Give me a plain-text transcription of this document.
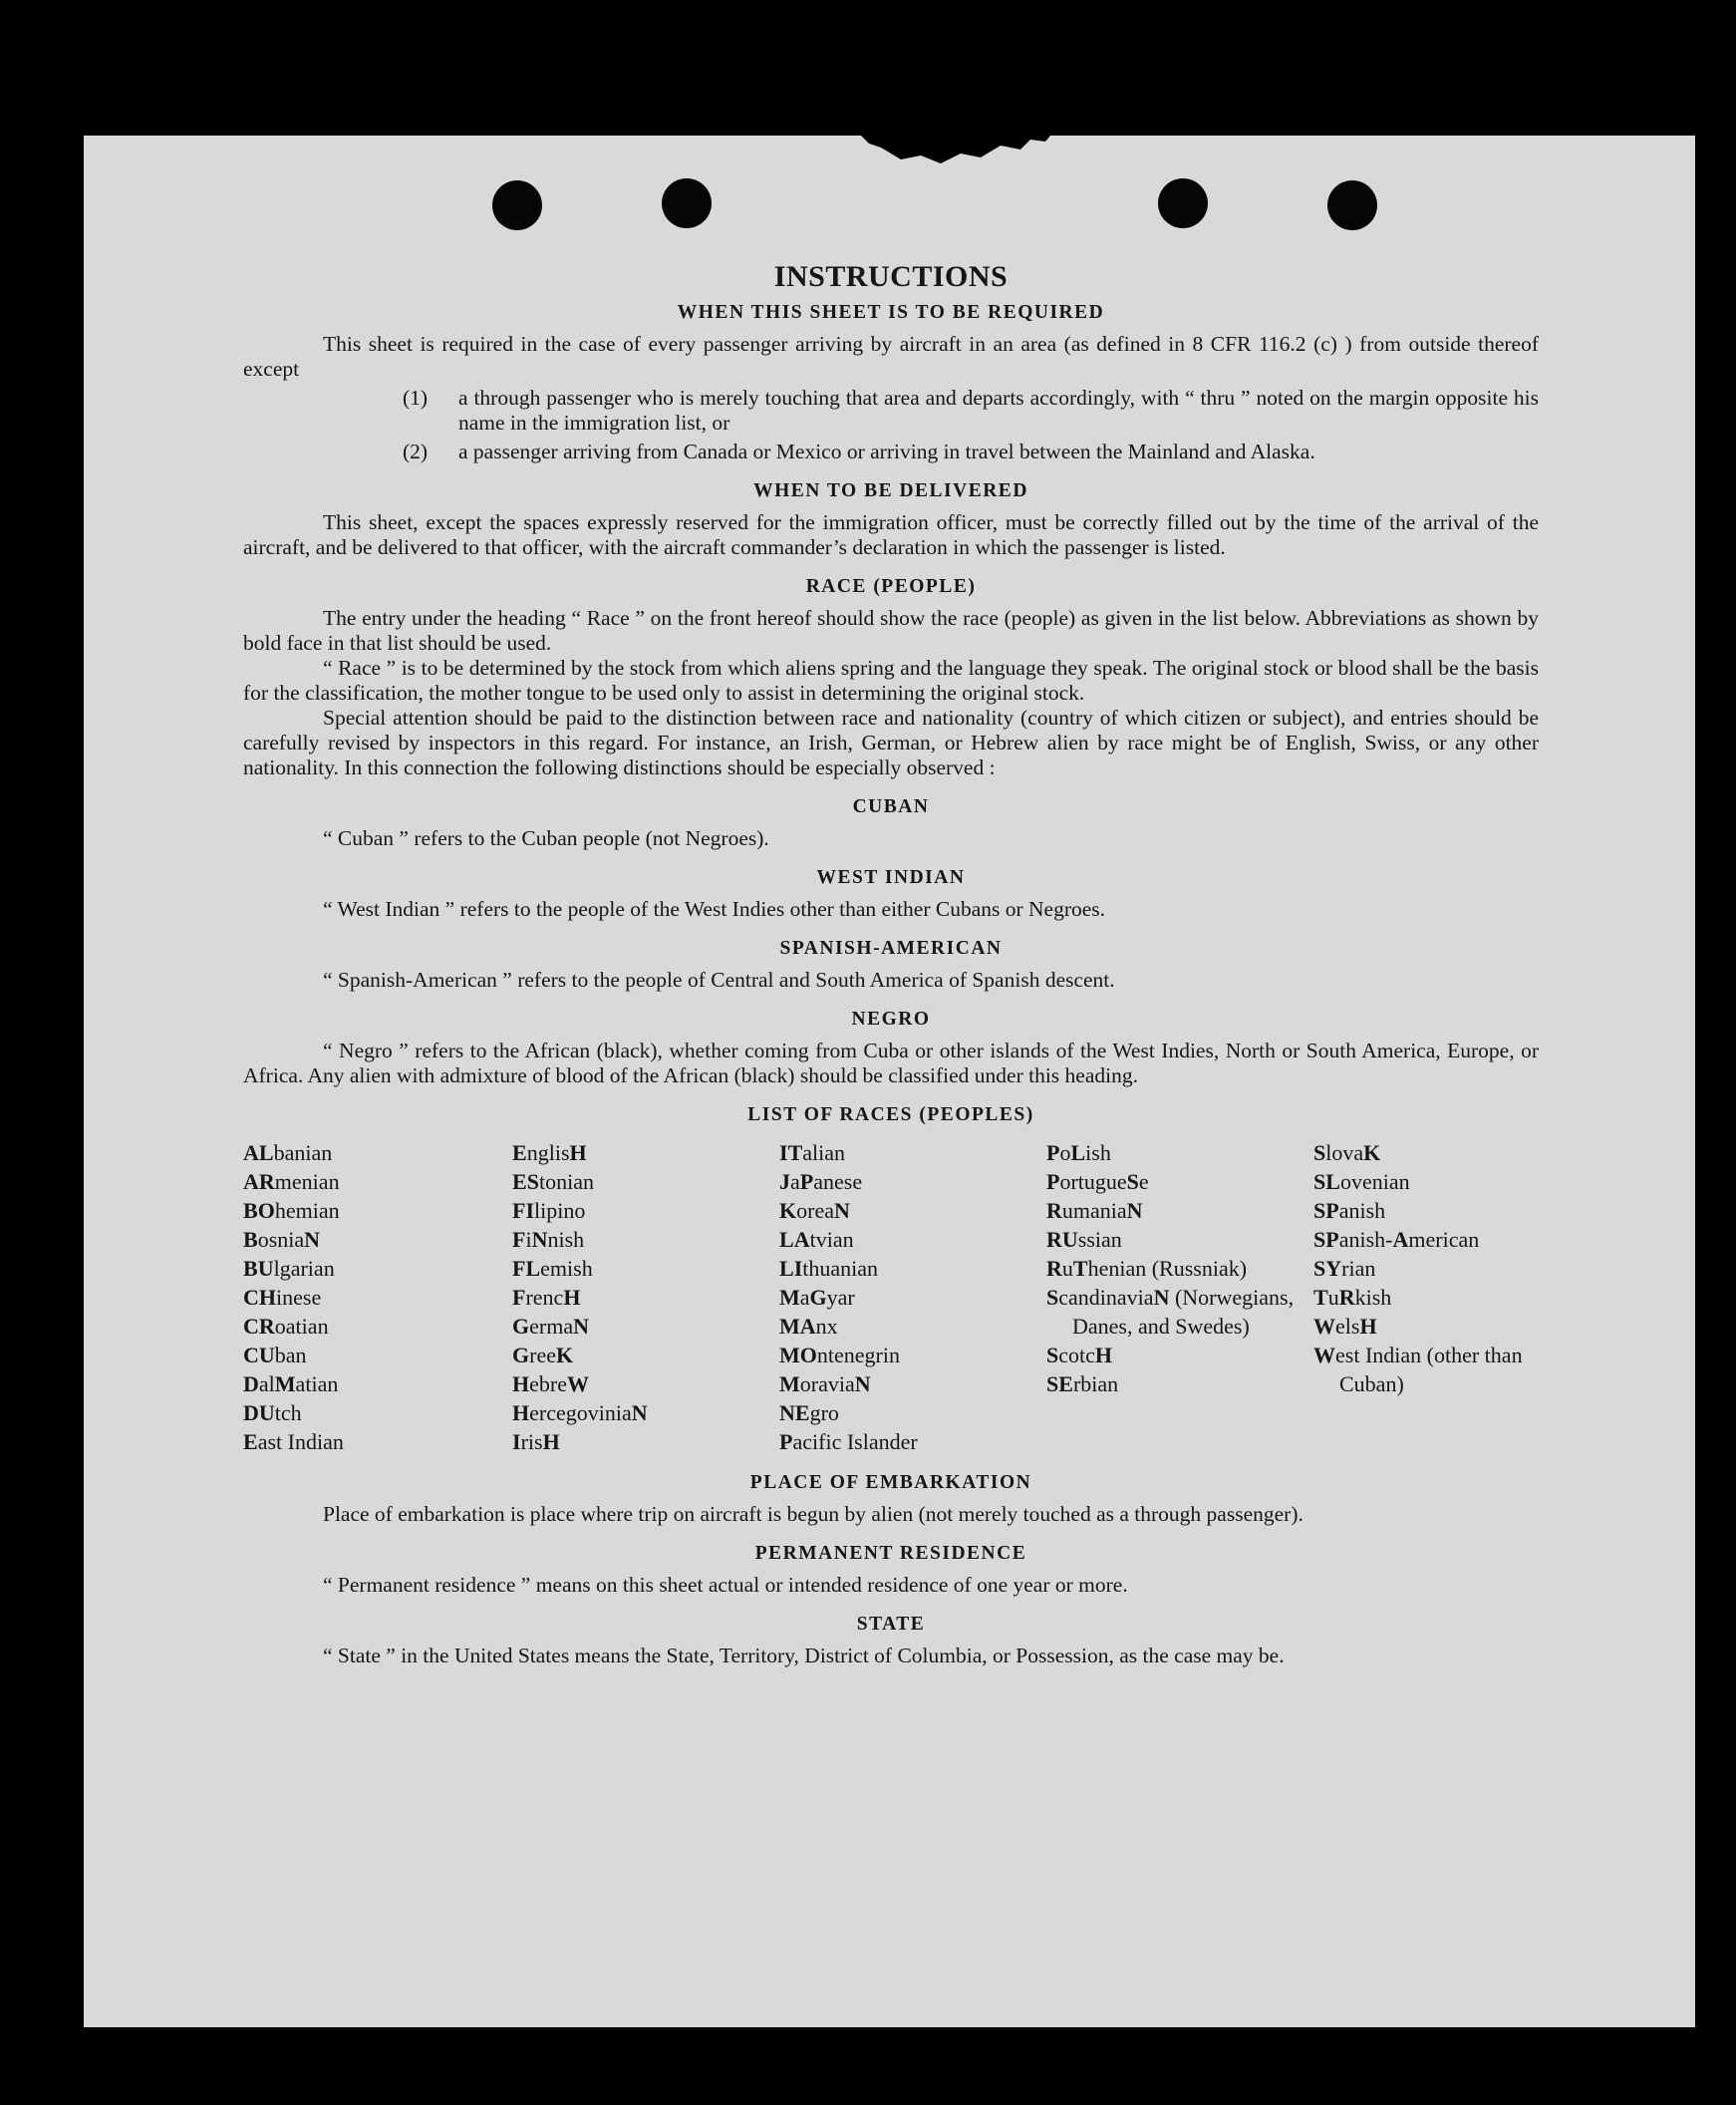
INSTRUCTIONS
WHEN THIS SHEET IS TO BE REQUIRED

This sheet is required in the case of every passenger arriving by aircraft in an area (as defined in 8 CFR 116.2 (c) ) from outside thereof except

(1) a through passenger who is merely touching that area and departs accordingly, with “ thru ” noted on the margin opposite his name in the immigration list, or
(2) a passenger arriving from Canada or Mexico or arriving in travel between the Mainland and Alaska.
WHEN TO BE DELIVERED

This sheet, except the spaces expressly reserved for the immigration officer, must be correctly filled out by the time of the arrival of the aircraft, and be delivered to that officer, with the aircraft commander’s declaration in which the passenger is listed.

RACE (PEOPLE)

The entry under the heading “ Race ” on the front hereof should show the race (people) as given in the list below. Abbreviations as shown by bold face in that list should be used.

“ Race ” is to be determined by the stock from which aliens spring and the language they speak. The original stock or blood shall be the basis for the classification, the mother tongue to be used only to assist in determining the original stock.

Special attention should be paid to the distinction between race and nationality (country of which citizen or subject), and entries should be carefully revised by inspectors in this regard. For instance, an Irish, German, or Hebrew alien by race might be of English, Swiss, or any other nationality. In this connection the following distinctions should be especially observed :

CUBAN

“ Cuban ” refers to the Cuban people (not Negroes).

WEST INDIAN

“ West Indian ” refers to the people of the West Indies other than either Cubans or Negroes.

SPANISH-AMERICAN

“ Spanish-American ” refers to the people of Central and South America of Spanish descent.

NEGRO

“ Negro ” refers to the African (black), whether coming from Cuba or other islands of the West Indies, North or South America, Europe, or Africa. Any alien with admixture of blood of the African (black) should be classified under this heading.

LIST OF RACES (PEOPLES)
ALbanian
ARmenian
BOhemian
BosniaN
BUlgarian
CHinese
CRoatian
CUban
DalMatian
DUtch
East Indian
EnglisH
EStonian
FIlipino
FiNnish
FLemish
FrencH
GermaN
GreeK
HebreW
HercegoviniaN
IrisH
ITalian
JaPanese
KoreaN
LAtvian
LIthuanian
MaGyar
MAnx
MOntenegrin
MoraviaN
NEgro
Pacific Islander
PoLish
PortugueSe
RumaniaN
RUssian
RuThenian (Russniak)
ScandinaviaN (Norwegians, Danes, and Swedes)
ScotcH
SErbian
SlovaK
SLovenian
SPanish
SPanish-American
SYrian
TuRkish
WelsH
West Indian (other than Cuban)
PLACE OF EMBARKATION

Place of embarkation is place where trip on aircraft is begun by alien (not merely touched as a through passenger).

PERMANENT RESIDENCE

“ Permanent residence ” means on this sheet actual or intended residence of one year or more.

STATE

“ State ” in the United States means the State, Territory, District of Columbia, or Possession, as the case may be.
